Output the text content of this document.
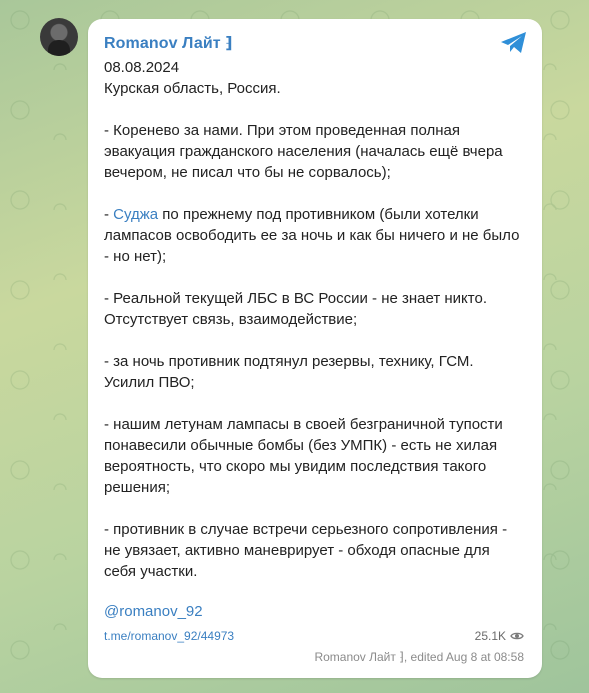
Romanov Лайт ⁆
08.08.2024
Курская область, Россия.
- Коренево за нами. При этом проведенная полная эвакуация гражданского населения (началась ещё вчера вечером, не писал что бы не сорвалось);
- Суджа по прежнему под противником (были хотелки лампасов освободить ее за ночь и как бы ничего и не было - но нет);
- Реальной текущей ЛБС в ВС России - не знает никто. Отсутствует связь, взаимодействие;
- за ночь противник подтянул резервы, технику, ГСМ. Усилил ПВО;
- нашим летунам лампасы в своей безграничной тупости понавесили обычные бомбы (без УМПК) - есть не хилая вероятность, что скоро мы увидим последствия такого решения;
- противник в случае встречи серьезного сопротивления - не увязает, активно маневрирует - обходя опасные для себя участки.
@romanov_92
t.me/romanov_92/44973	25.1K
Romanov Лайт ⁆, edited Aug 8 at 08:58
